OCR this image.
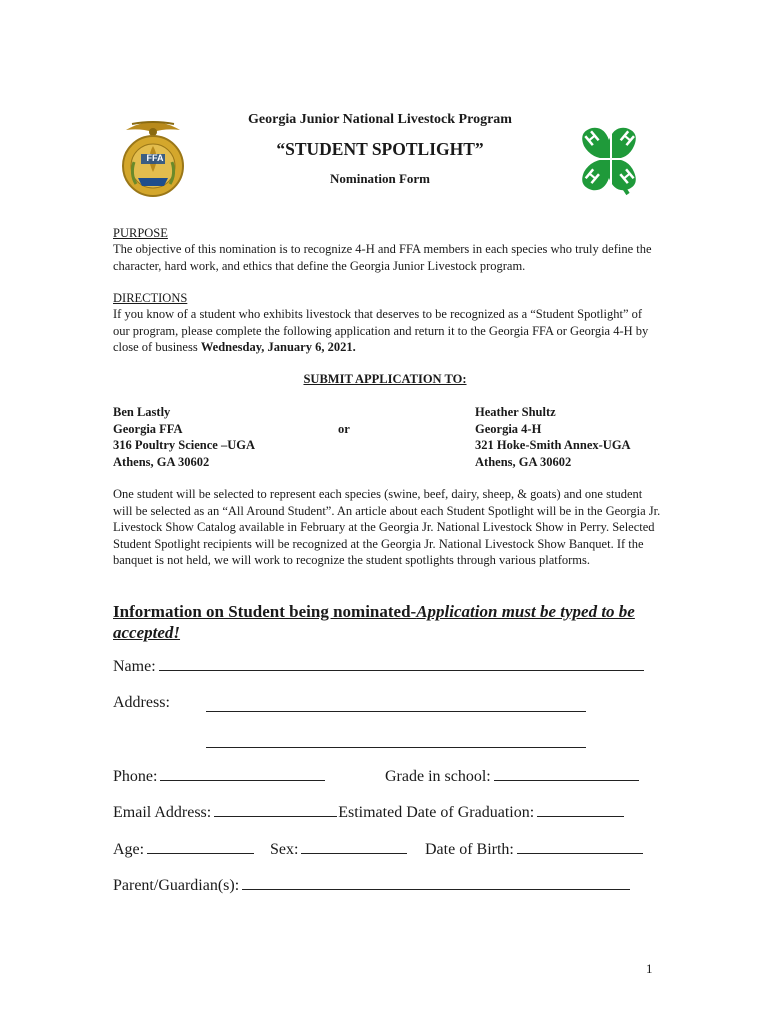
FFA
H H
H H
Georgia Junior National Livestock Program
“STUDENT SPOTLIGHT”
Nomination Form
PURPOSE
The objective of this nomination is to recognize 4-H and FFA members in each species who truly define the character, hard work, and ethics that define the Georgia Junior Livestock program.
DIRECTIONS
If you know of a student who exhibits livestock that deserves to be recognized as a “Student Spotlight” of our program, please complete the following application and return it to the Georgia FFA or Georgia 4-H by close of business Wednesday, January 6, 2021.
SUBMIT APPLICATION TO:
Ben Lastly
Georgia FFA
316 Poultry Science –UGA
Athens, GA 30602
or
Heather Shultz
Georgia 4-H
321 Hoke-Smith Annex-UGA
Athens, GA 30602
One student will be selected to represent each species (swine, beef, dairy, sheep, & goats) and one student will be selected as an “All Around Student”. An article about each Student Spotlight will be in the Georgia Jr. Livestock Show Catalog available in February at the Georgia Jr. National Livestock Show in Perry. Selected Student Spotlight recipients will be recognized at the Georgia Jr. National Livestock Show Banquet. If the banquet is not held, we will work to recognize the student spotlights through various platforms.
Information on Student being nominated-Application must be typed to be accepted!
Name:
Address:
Phone:	Grade in school:
Email Address:	Estimated Date of Graduation:
Age:	Sex:	Date of Birth:
Parent/Guardian(s):
1
